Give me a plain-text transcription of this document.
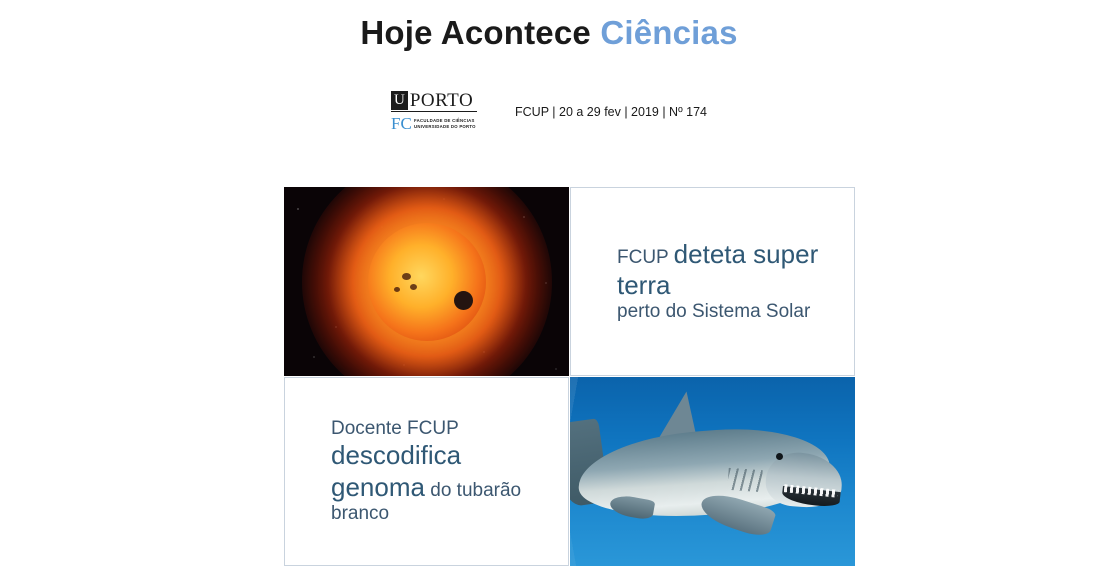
Hoje Acontece Ciências
U PORTO
FC FACULDADE DE CIÊNCIAS
UNIVERSIDADE DO PORTO
FCUP | 20 a 29 fev | 2019 | Nº 174
FCUP deteta super terra
perto do Sistema Solar
Docente FCUP
descodifica genoma do tubarão branco
